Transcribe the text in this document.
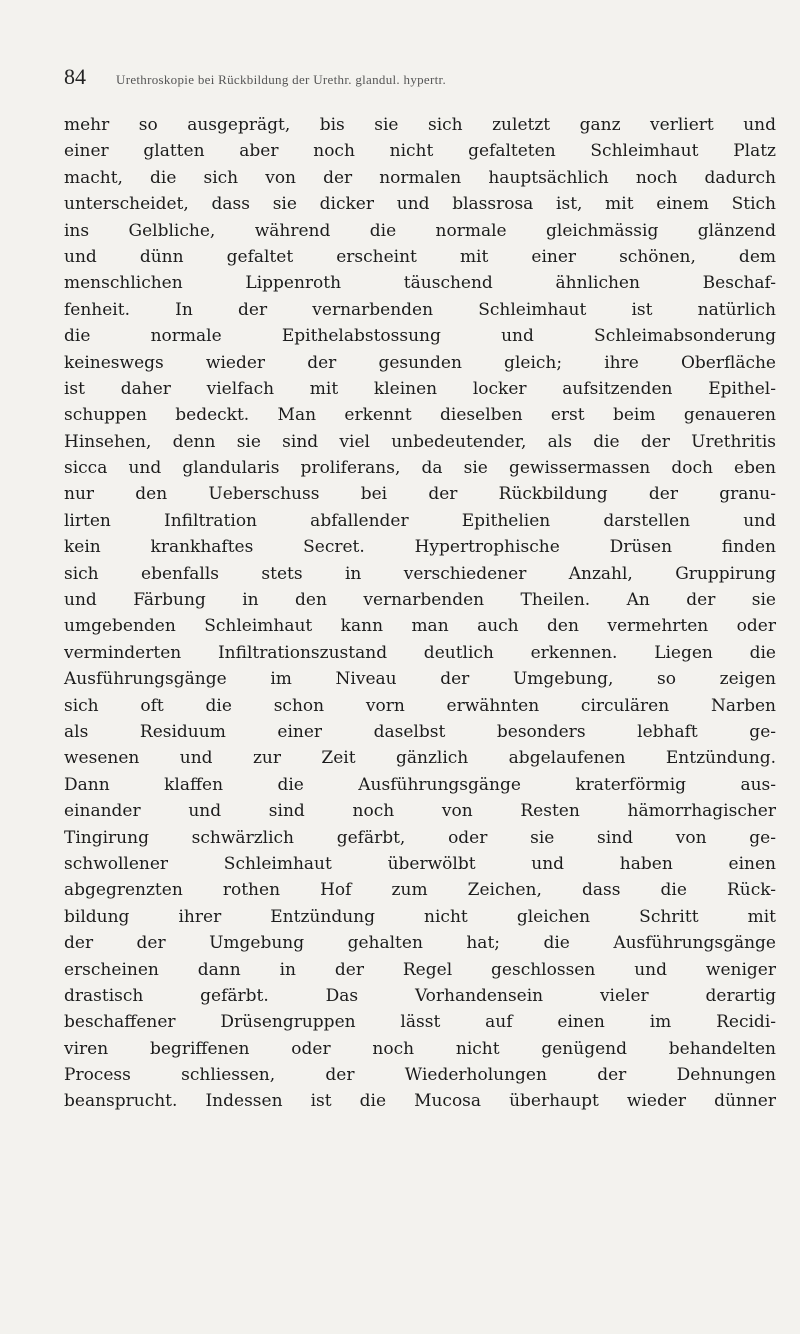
84	Urethroskopie bei Rückbildung der Urethr. glandul. hypertr.
mehr so ausgeprägt, bis sie sich zuletzt ganz verliert und
einer glatten aber noch nicht gefalteten Schleimhaut Platz
macht, die sich von der normalen hauptsächlich noch dadurch
unterscheidet, dass sie dicker und blassrosa ist, mit einem Stich
ins Gelbliche, während die normale gleichmässig glänzend
und dünn gefaltet erscheint mit einer schönen, dem
menschlichen Lippenroth täuschend ähnlichen Beschaf-
fenheit. In der vernarbenden Schleimhaut ist natürlich
die normale Epithelabstossung und Schleimabsonderung
keineswegs wieder der gesunden gleich; ihre Oberfläche
ist daher vielfach mit kleinen locker aufsitzenden Epithel-
schuppen bedeckt. Man erkennt dieselben erst beim genaueren
Hinsehen, denn sie sind viel unbedeutender, als die der Urethritis
sicca und glandularis proliferans, da sie gewissermassen doch eben
nur den Ueberschuss bei der Rückbildung der granu-
lirten Infiltration abfallender Epithelien darstellen und
kein krankhaftes Secret. Hypertrophische Drüsen finden
sich ebenfalls stets in verschiedener Anzahl, Gruppirung
und Färbung in den vernarbenden Theilen. An der sie
umgebenden Schleimhaut kann man auch den vermehrten oder
verminderten Infiltrationszustand deutlich erkennen. Liegen die
Ausführungsgänge im Niveau der Umgebung, so zeigen
sich oft die schon vorn erwähnten circulären Narben
als Residuum einer daselbst besonders lebhaft ge-
wesenen und zur Zeit gänzlich abgelaufenen Entzündung.
Dann klaffen die Ausführungsgänge kraterförmig aus-
einander und sind noch von Resten hämorrhagischer
Tingirung schwärzlich gefärbt, oder sie sind von ge-
schwollener Schleimhaut überwölbt und haben einen
abgegrenzten rothen Hof zum Zeichen, dass die Rück-
bildung ihrer Entzündung nicht gleichen Schritt mit
der der Umgebung gehalten hat; die Ausführungsgänge
erscheinen dann in der Regel geschlossen und weniger
drastisch gefärbt. Das Vorhandensein vieler derartig
beschaffener Drüsengruppen lässt auf einen im Recidi-
viren begriffenen oder noch nicht genügend behandelten
Process schliessen, der Wiederholungen der Dehnungen
beansprucht. Indessen ist die Mucosa überhaupt wieder dünner
